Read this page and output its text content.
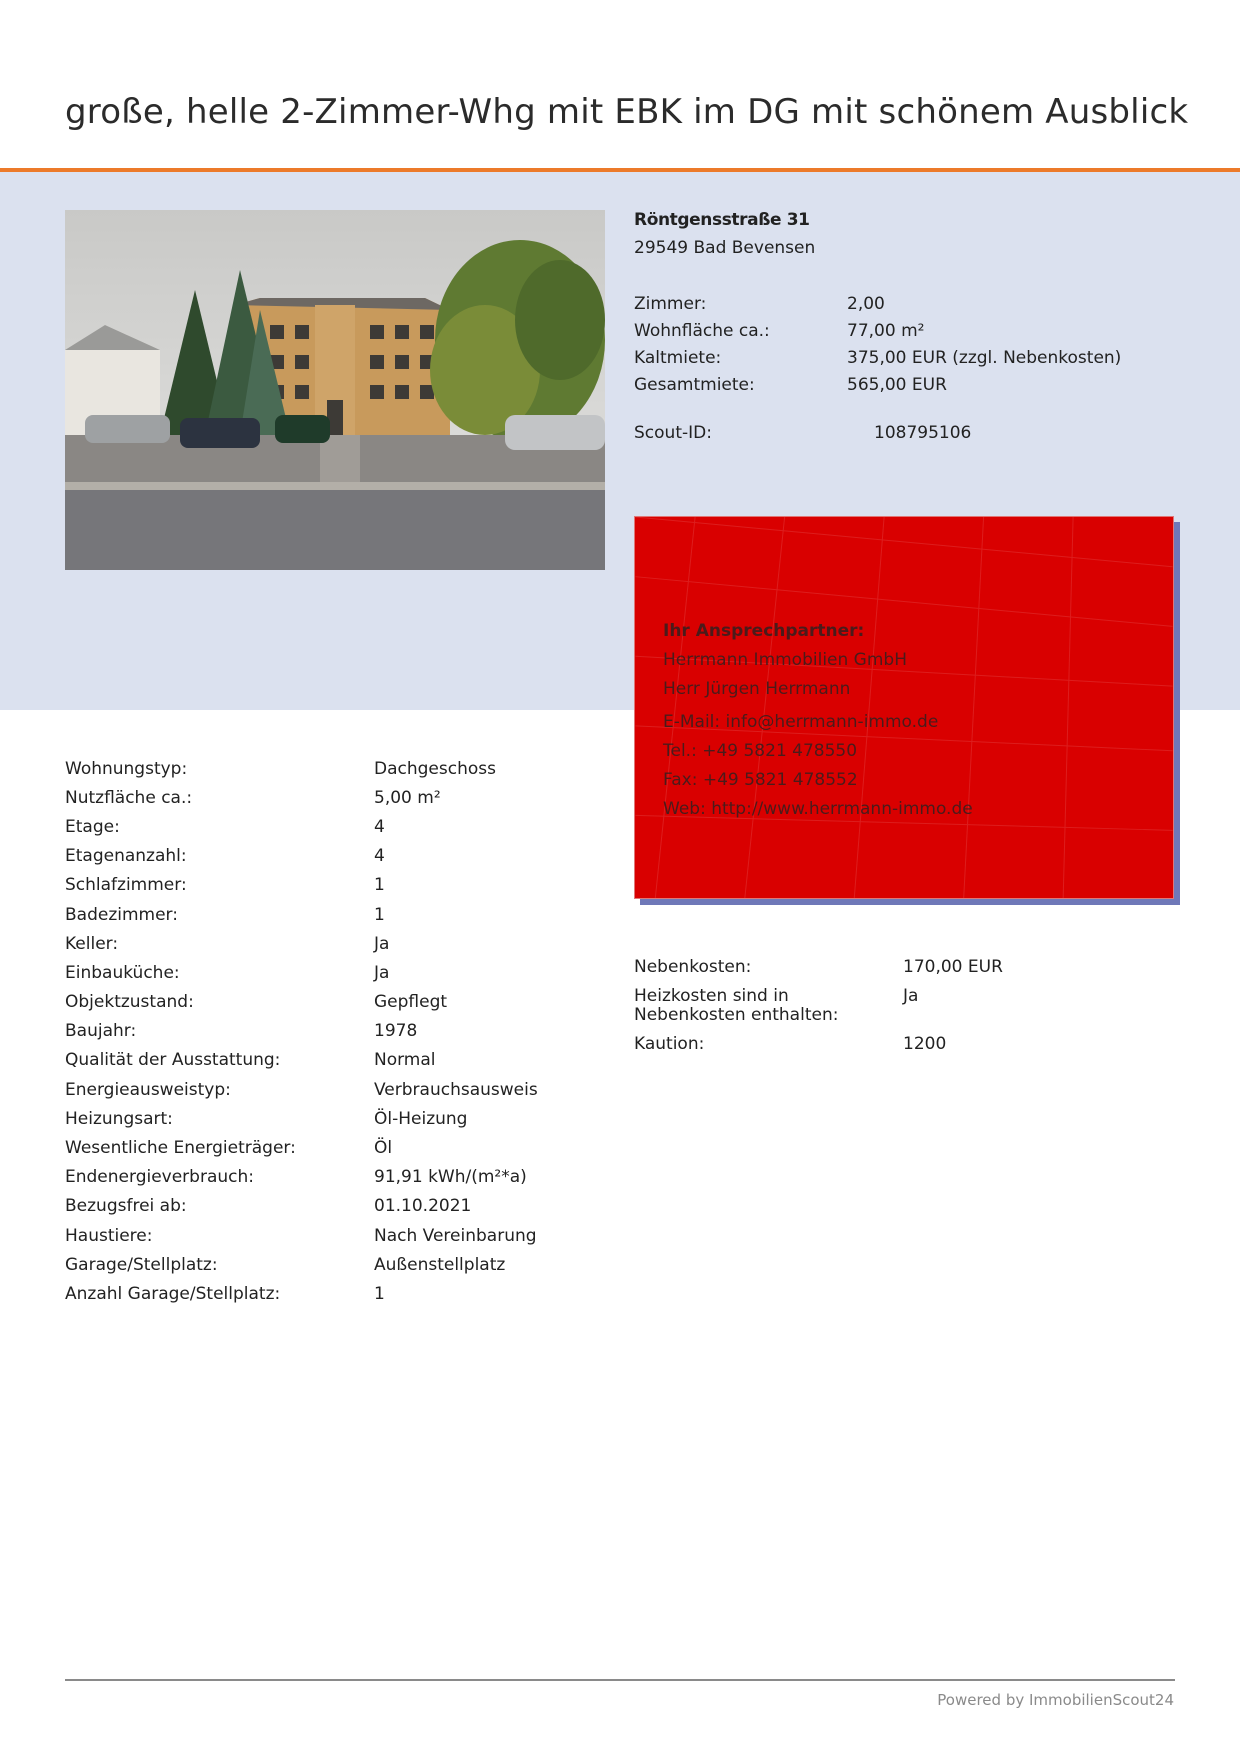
große, helle 2-Zimmer-Whg mit EBK im DG mit schönem Ausblick
Röntgensstraße 31
29549 Bad Bevensen
Zimmer:	2,00
Wohnfläche ca.:	77,00 m²
Kaltmiete:	375,00 EUR (zzgl. Nebenkosten)
Gesamtmiete:	565,00 EUR
Scout-ID:	108795106
Ihr Ansprechpartner:
Herrmann Immobilien GmbH
Herr Jürgen Herrmann
E-Mail: info@herrmann-immo.de
Tel.: +49 5821 478550
Fax: +49 5821 478552
Web: http://www.herrmann-immo.de
Wohnungstyp:	Dachgeschoss
Nutzfläche ca.:	5,00 m²
Etage:	4
Etagenanzahl:	4
Schlafzimmer:	1
Badezimmer:	1
Keller:	Ja
Einbauküche:	Ja
Objektzustand:	Gepflegt
Baujahr:	1978
Qualität der Ausstattung:	Normal
Energieausweistyp:	Verbrauchsausweis
Heizungsart:	Öl-Heizung
Wesentliche Energieträger:	Öl
Endenergieverbrauch:	91,91 kWh/(m²*a)
Bezugsfrei ab:	01.10.2021
Haustiere:	Nach Vereinbarung
Garage/Stellplatz:	Außenstellplatz
Anzahl Garage/Stellplatz:	1
Nebenkosten:	170,00 EUR
Heizkosten sind in Nebenkosten enthalten:
Ja
Kaution:	1200
Powered by ImmobilienScout24
